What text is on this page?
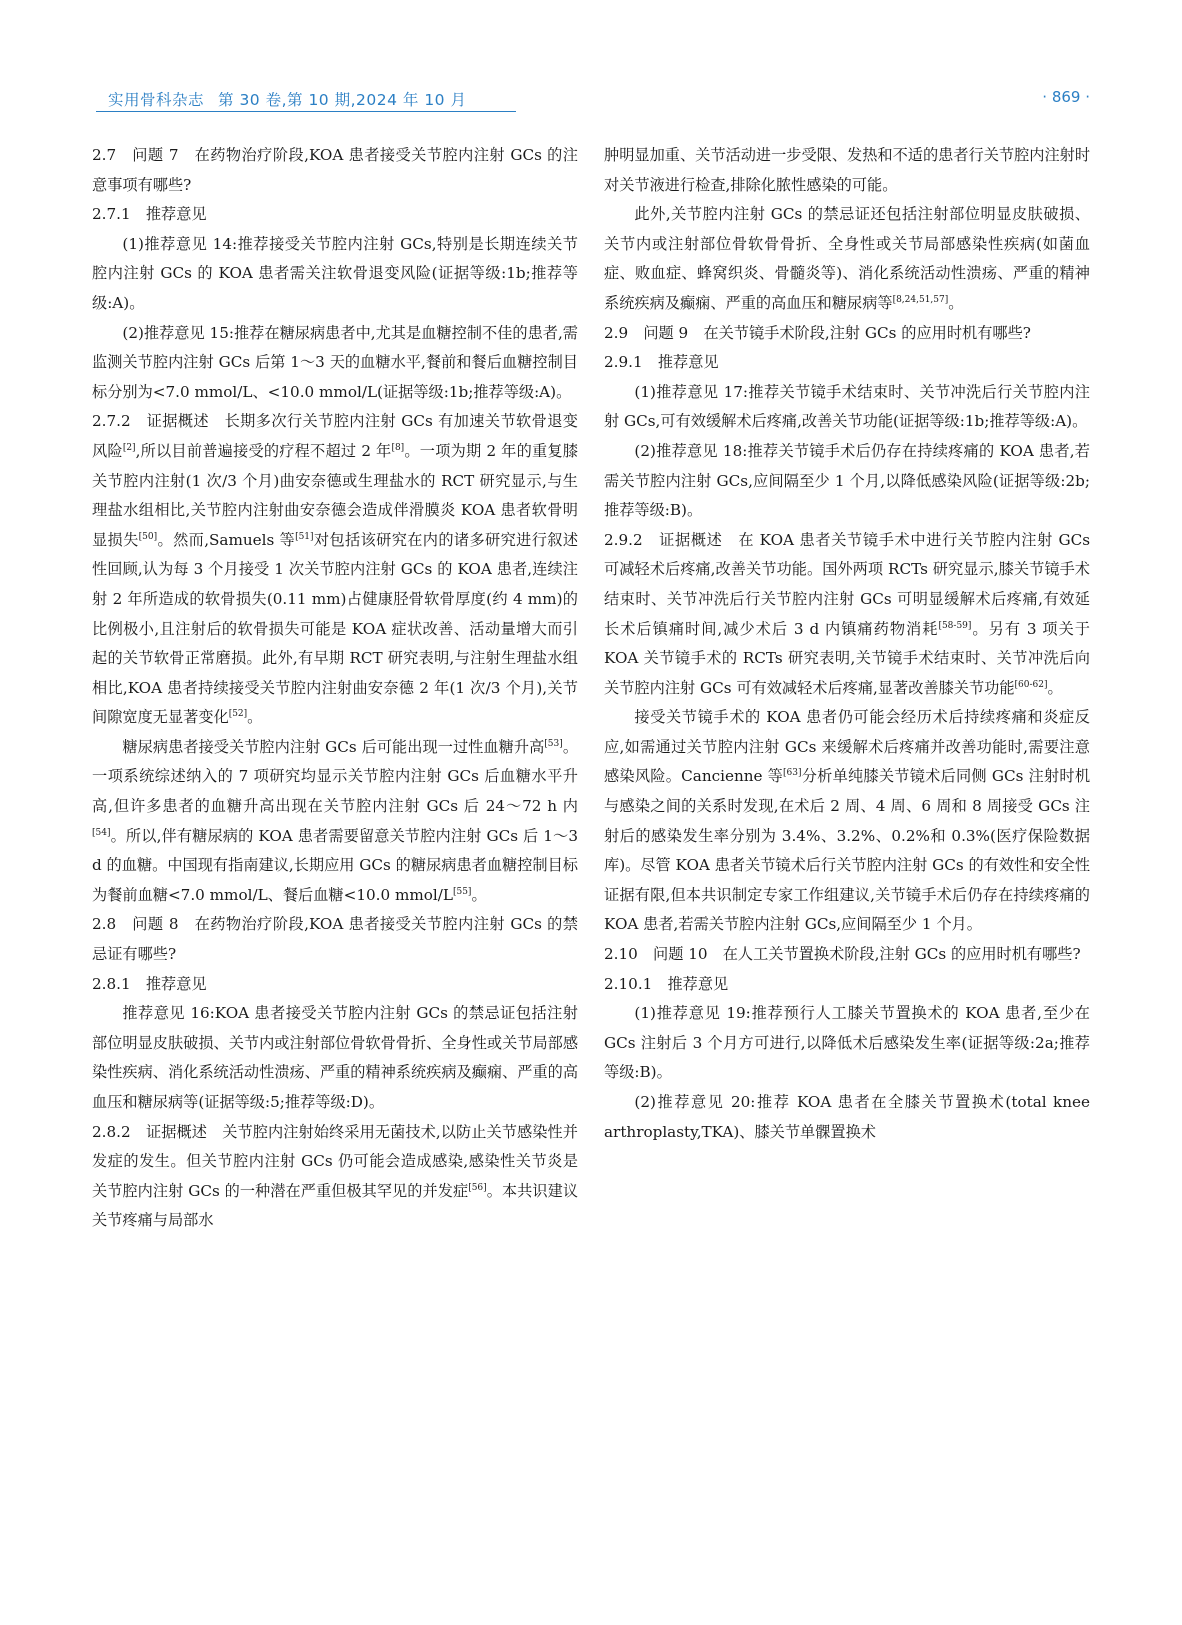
实用骨科杂志 第 30 卷,第 10 期,2024 年 10 月	· 869 ·

2.7　问题 7　在药物治疗阶段,KOA 患者接受关节腔内注射 GCs 的注意事项有哪些?

2.7.1　推荐意见

(1)推荐意见 14:推荐接受关节腔内注射 GCs,特别是长期连续关节腔内注射 GCs 的 KOA 患者需关注软骨退变风险(证据等级:1b;推荐等级:A)。

(2)推荐意见 15:推荐在糖尿病患者中,尤其是血糖控制不佳的患者,需监测关节腔内注射 GCs 后第 1～3 天的血糖水平,餐前和餐后血糖控制目标分别为<7.0 mmol/L、<10.0 mmol/L(证据等级:1b;推荐等级:A)。

2.7.2　证据概述　长期多次行关节腔内注射 GCs 有加速关节软骨退变风险[2],所以目前普遍接受的疗程不超过 2 年[8]。一项为期 2 年的重复膝关节腔内注射(1 次/3 个月)曲安奈德或生理盐水的 RCT 研究显示,与生理盐水组相比,关节腔内注射曲安奈德会造成伴滑膜炎 KOA 患者软骨明显损失[50]。然而,Samuels 等[51]对包括该研究在内的诸多研究进行叙述性回顾,认为每 3 个月接受 1 次关节腔内注射 GCs 的 KOA 患者,连续注射 2 年所造成的软骨损失(0.11 mm)占健康胫骨软骨厚度(约 4 mm)的比例极小,且注射后的软骨损失可能是 KOA 症状改善、活动量增大而引起的关节软骨正常磨损。此外,有早期 RCT 研究表明,与注射生理盐水组相比,KOA 患者持续接受关节腔内注射曲安奈德 2 年(1 次/3 个月),关节间隙宽度无显著变化[52]。

糖尿病患者接受关节腔内注射 GCs 后可能出现一过性血糖升高[53]。一项系统综述纳入的 7 项研究均显示关节腔内注射 GCs 后血糖水平升高,但许多患者的血糖升高出现在关节腔内注射 GCs 后 24～72 h 内[54]。所以,伴有糖尿病的 KOA 患者需要留意关节腔内注射 GCs 后 1～3 d 的血糖。中国现有指南建议,长期应用 GCs 的糖尿病患者血糖控制目标为餐前血糖<7.0 mmol/L、餐后血糖<10.0 mmol/L[55]。

2.8　问题 8　在药物治疗阶段,KOA 患者接受关节腔内注射 GCs 的禁忌证有哪些?

2.8.1　推荐意见

推荐意见 16:KOA 患者接受关节腔内注射 GCs 的禁忌证包括注射部位明显皮肤破损、关节内或注射部位骨软骨骨折、全身性或关节局部感染性疾病、消化系统活动性溃疡、严重的精神系统疾病及癫痫、严重的高血压和糖尿病等(证据等级:5;推荐等级:D)。

2.8.2　证据概述　关节腔内注射始终采用无菌技术,以防止关节感染性并发症的发生。但关节腔内注射 GCs 仍可能会造成感染,感染性关节炎是关节腔内注射 GCs 的一种潜在严重但极其罕见的并发症[56]。本共识建议关节疼痛与局部水

肿明显加重、关节活动进一步受限、发热和不适的患者行关节腔内注射时对关节液进行检查,排除化脓性感染的可能。

此外,关节腔内注射 GCs 的禁忌证还包括注射部位明显皮肤破损、关节内或注射部位骨软骨骨折、全身性或关节局部感染性疾病(如菌血症、败血症、蜂窝织炎、骨髓炎等)、消化系统活动性溃疡、严重的精神系统疾病及癫痫、严重的高血压和糖尿病等[8,24,51,57]。

2.9　问题 9　在关节镜手术阶段,注射 GCs 的应用时机有哪些?

2.9.1　推荐意见

(1)推荐意见 17:推荐关节镜手术结束时、关节冲洗后行关节腔内注射 GCs,可有效缓解术后疼痛,改善关节功能(证据等级:1b;推荐等级:A)。

(2)推荐意见 18:推荐关节镜手术后仍存在持续疼痛的 KOA 患者,若需关节腔内注射 GCs,应间隔至少 1 个月,以降低感染风险(证据等级:2b;推荐等级:B)。

2.9.2　证据概述　在 KOA 患者关节镜手术中进行关节腔内注射 GCs 可减轻术后疼痛,改善关节功能。国外两项 RCTs 研究显示,膝关节镜手术结束时、关节冲洗后行关节腔内注射 GCs 可明显缓解术后疼痛,有效延长术后镇痛时间,减少术后 3 d 内镇痛药物消耗[58-59]。另有 3 项关于 KOA 关节镜手术的 RCTs 研究表明,关节镜手术结束时、关节冲洗后向关节腔内注射 GCs 可有效减轻术后疼痛,显著改善膝关节功能[60-62]。

接受关节镜手术的 KOA 患者仍可能会经历术后持续疼痛和炎症反应,如需通过关节腔内注射 GCs 来缓解术后疼痛并改善功能时,需要注意感染风险。Cancienne 等[63]分析单纯膝关节镜术后同侧 GCs 注射时机与感染之间的关系时发现,在术后 2 周、4 周、6 周和 8 周接受 GCs 注射后的感染发生率分别为 3.4%、3.2%、0.2%和 0.3%(医疗保险数据库)。尽管 KOA 患者关节镜术后行关节腔内注射 GCs 的有效性和安全性证据有限,但本共识制定专家工作组建议,关节镜手术后仍存在持续疼痛的 KOA 患者,若需关节腔内注射 GCs,应间隔至少 1 个月。

2.10　问题 10　在人工关节置换术阶段,注射 GCs 的应用时机有哪些?

2.10.1　推荐意见

(1)推荐意见 19:推荐预行人工膝关节置换术的 KOA 患者,至少在 GCs 注射后 3 个月方可进行,以降低术后感染发生率(证据等级:2a;推荐等级:B)。

(2)推荐意见 20:推荐 KOA 患者在全膝关节置换术(total knee arthroplasty,TKA)、膝关节单髁置换术
